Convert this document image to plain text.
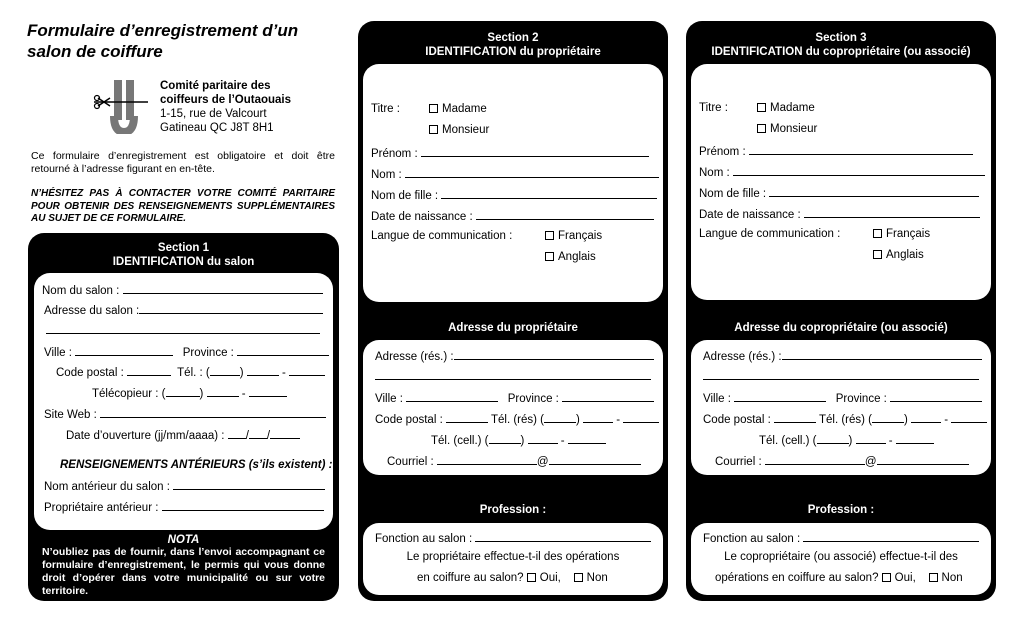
Formulaire d’enregistrement d’un salon de coiffure
Comité paritaire des
coiffeurs de l’Outaouais
1-15, rue de Valcourt
Gatineau QC J8T 8H1
Ce formulaire d’enregistrement est obligatoire et doit être retourné à l’adresse figurant en en-tête.
N’HÉSITEZ PAS À CONTACTER VOTRE COMITÉ PARITAIRE POUR OBTENIR DES RENSEIGNEMENTS SUPPLÉMENTAIRES AU SUJET DE CE FORMULAIRE.
Section 1
IDENTIFICATION du salon
Nom du salon :
Adresse du salon :
Ville :	Province :
Code postal :	Tél. : (	)	-
Télécopieur : (	)	-
Site Web :
Date d’ouverture (jj/mm/aaaa) : / /
RENSEIGNEMENTS ANTÉRIEURS (s’ils existent) :
Nom antérieur du salon :
Propriétaire antérieur :
NOTA
N’oubliez pas de fournir, dans l’envoi accompagnant ce formulaire d’enregistrement, le permis qui vous donne droit d’opérer dans votre municipalité ou sur votre territoire.
Section 2
IDENTIFICATION du propriétaire
Titre :	Madame
Monsieur
Prénom :
Nom :
Nom de fille :
Date de naissance :
Langue de communication :	Français
Anglais
Adresse du propriétaire
Adresse (rés.) :
Ville :	Province :
Code postal :	Tél. (rés) (	)	-
Tél. (cell.) (	)	-
Courriel :	@
Profession :
Fonction au salon :
Le propriétaire effectue-t-il des opérations
en coiffure au salon? Oui, Non
Section 3
IDENTIFICATION du copropriétaire (ou associé)
Titre :	Madame
Monsieur
Prénom :
Nom :
Nom de fille :
Date de naissance :
Langue de communication :	Français
Anglais
Adresse du copropriétaire (ou associé)
Adresse (rés.) :
Ville :	Province :
Code postal :	Tél. (rés) (	)	-
Tél. (cell.) (	)	-
Courriel :	@
Profession :
Fonction au salon :
Le copropriétaire (ou associé) effectue-t-il des
opérations en coiffure au salon? Oui, Non
